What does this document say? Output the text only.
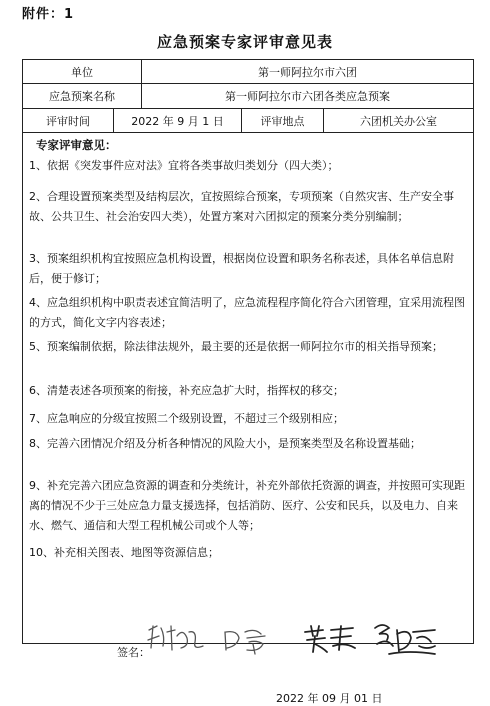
附件：1
应急预案专家评审意见表
单位	第一师阿拉尔市六团
应急预案名称	第一师阿拉尔市六团各类应急预案
评审时间	2022 年 9 月 1 日	评审地点	六团机关办公室
专家评审意见：
1、依据《突发事件应对法》宜将各类事故归类划分（四大类）；
2、合理设置预案类型及结构层次，宜按照综合预案，专项预案（自然灾害、生产安全事故、公共卫生、社会治安四大类），处置方案对六团拟定的预案分类分别编制；
3、预案组织机构宜按照应急机构设置，根据岗位设置和职务名称表述，具体名单信息附后，便于修订；
4、应急组织机构中职责表述宜简洁明了，应急流程程序简化符合六团管理，宜采用流程图的方式，简化文字内容表述；
5、预案编制依据，除法律法规外，最主要的还是依据一师阿拉尔市的相关指导预案；
6、清楚表述各项预案的衔接，补充应急扩大时，指挥权的移交；
7、应急响应的分级宜按照二个级别设置，不超过三个级别相应；
8、完善六团情况介绍及分析各种情况的风险大小，是预案类型及名称设置基础；
9、补充完善六团应急资源的调查和分类统计，补充外部依托资源的调查，并按照可实现距离的情况不少于三处应急力量支援选择，包括消防、医疗、公安和民兵，以及电力、自来水、燃气、通信和大型工程机械公司或个人等；
10、补充相关图表、地图等资源信息；
签名：
2022 年 09 月 01 日
